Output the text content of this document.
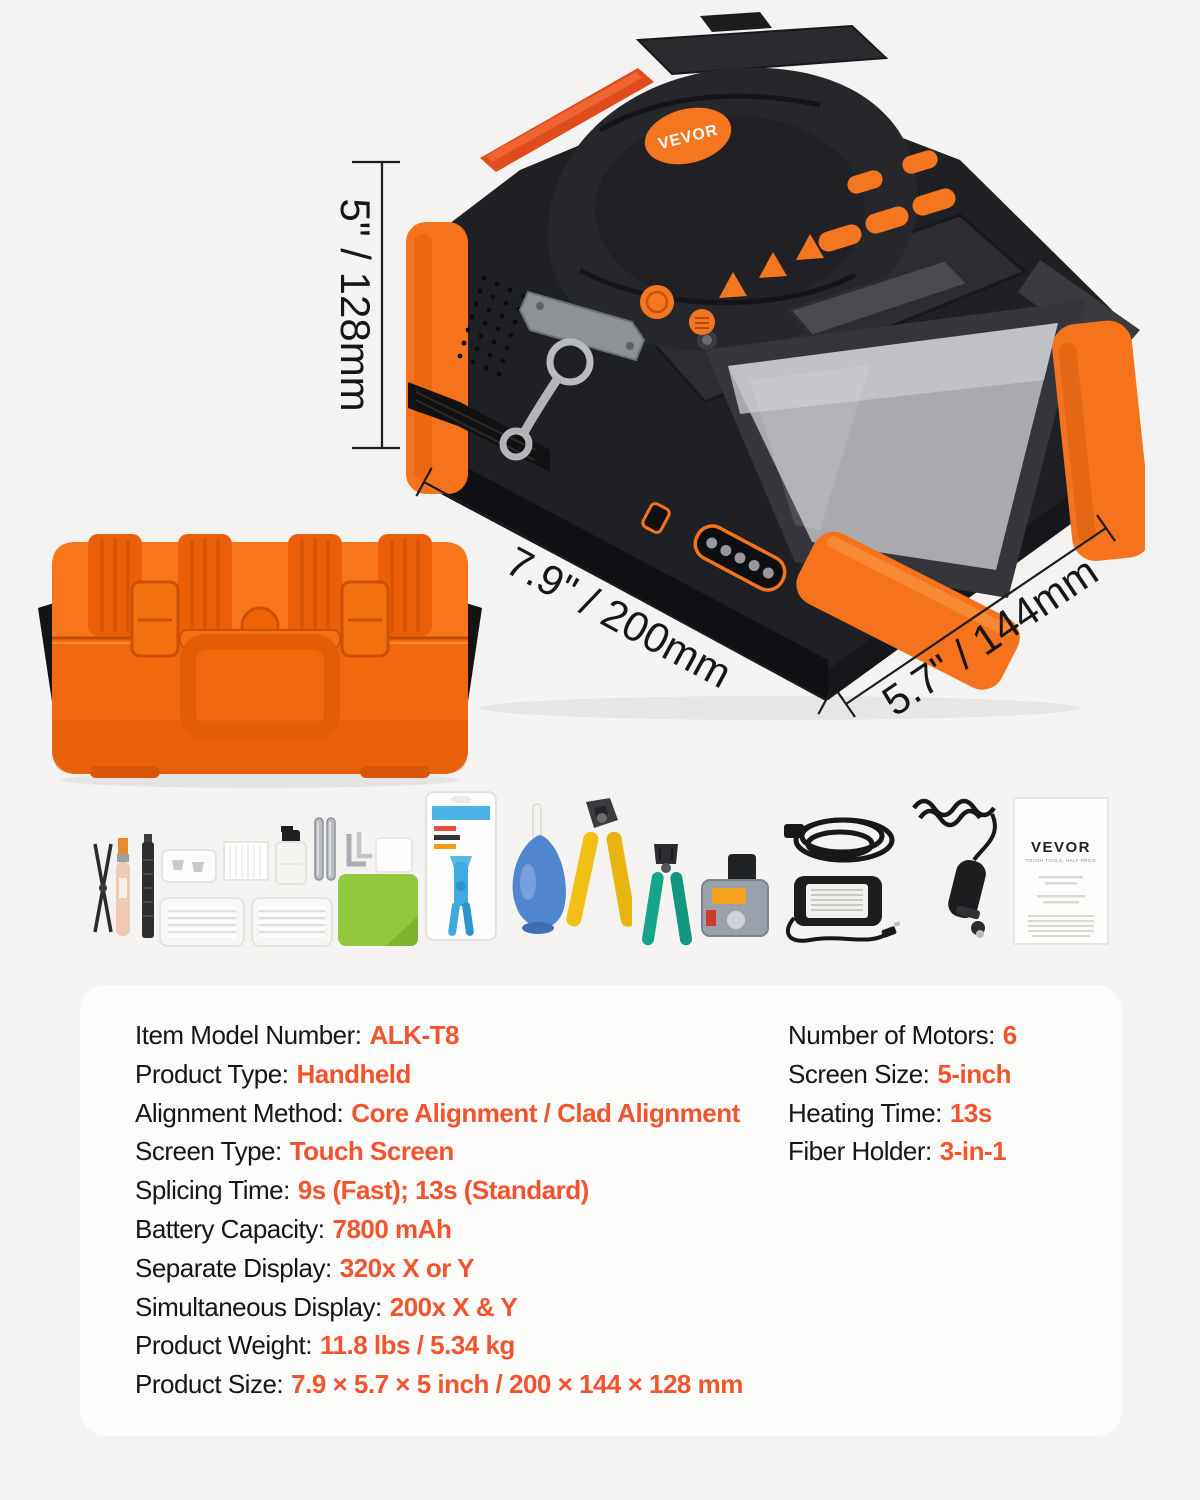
VEVOR
5" / 128mm
7.9" / 200mm	5.7" / 144mm
VEVOR
TOUGH TOOLS, HALF PRICE
Item Model Number: ALK-T8
Product Type: Handheld
Alignment Method: Core Alignment / Clad Alignment
Screen Type: Touch Screen
Splicing Time: 9s (Fast); 13s (Standard)
Battery Capacity: 7800 mAh
Separate Display: 320x X or Y
Simultaneous Display: 200x X & Y
Product Weight: 11.8 lbs / 5.34 kg
Product Size: 7.9 × 5.7 × 5 inch / 200 × 144 × 128 mm
Number of Motors: 6
Screen Size: 5-inch
Heating Time: 13s
Fiber Holder: 3-in-1
